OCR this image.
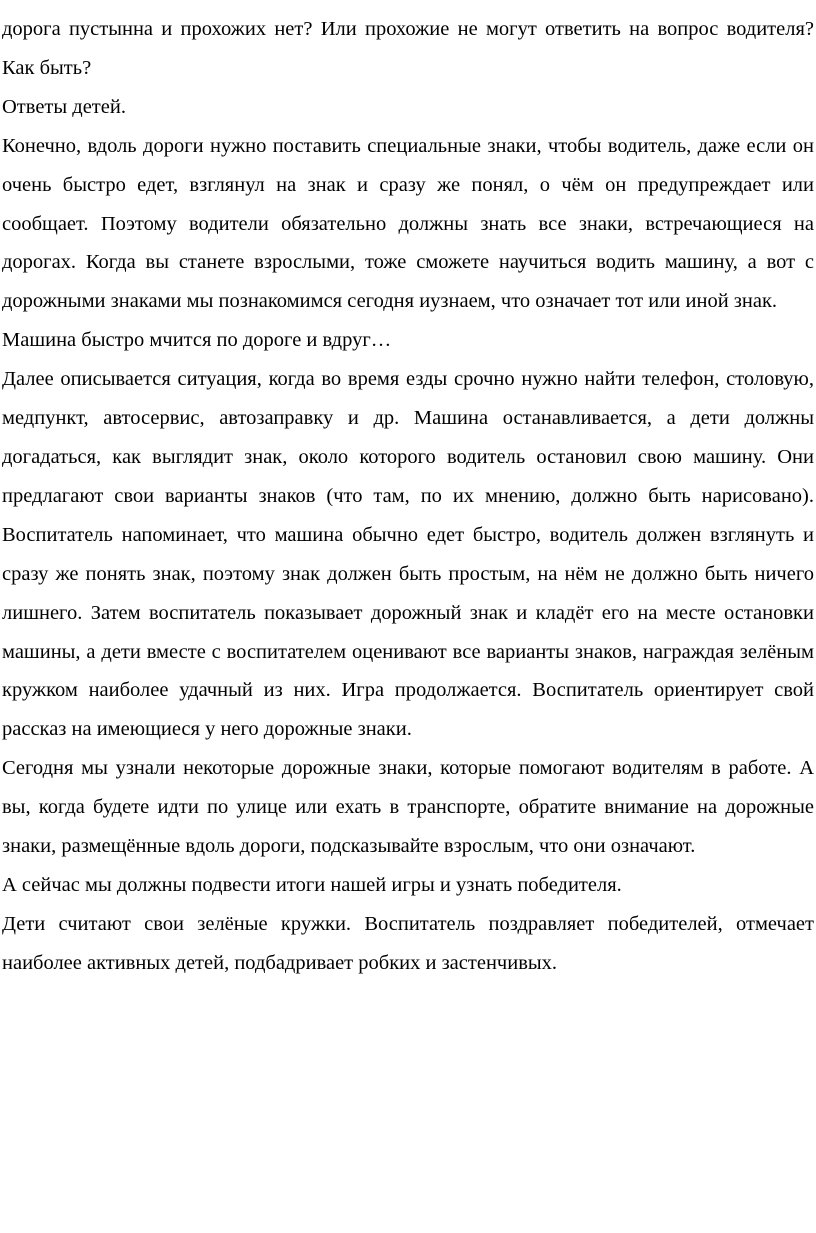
дорога пустынна и прохожих нет? Или прохожие не могут ответить на вопрос водителя? Как быть?

Ответы детей.

Конечно, вдоль дороги нужно поставить специальные знаки, чтобы водитель, даже если он очень быстро едет, взглянул на знак и сразу же понял, о чём он предупреждает или сообщает. Поэтому водители обязательно должны знать все знаки, встречающиеся на дорогах. Когда вы станете взрослыми, тоже сможете научиться водить машину, а вот с дорожными знаками мы познакомимся сегодня иузнаем, что означает тот или иной знак.

Машина быстро мчится по дороге и вдруг…

Далее описывается ситуация, когда во время езды срочно нужно найти телефон, столовую, медпункт, автосервис, автозаправку и др. Машина останавливается, а дети должны догадаться, как выглядит знак, около которого водитель остановил свою машину. Они предлагают свои варианты знаков (что там, по их мнению, должно быть нарисовано). Воспитатель напоминает, что машина обычно едет быстро, водитель должен взглянуть и сразу же понять знак, поэтому знак должен быть простым, на нём не должно быть ничего лишнего. Затем воспитатель показывает дорожный знак и кладёт его на месте остановки машины, а дети вместе с воспитателем оценивают все варианты знаков, награждая зелёным кружком наиболее удачный из них. Игра продолжается. Воспитатель ориентирует свой рассказ на имеющиеся у него дорожные знаки.

Сегодня мы узнали некоторые дорожные знаки, которые помогают водителям в работе. А вы, когда будете идти по улице или ехать в транспорте, обратите внимание на дорожные знаки, размещённые вдоль дороги, подсказывайте взрослым, что они означают.

А сейчас мы должны подвести итоги нашей игры и узнать победителя.

Дети считают свои зелёные кружки. Воспитатель поздравляет победителей, отмечает наиболее активных детей, подбадривает робких и застенчивых.
